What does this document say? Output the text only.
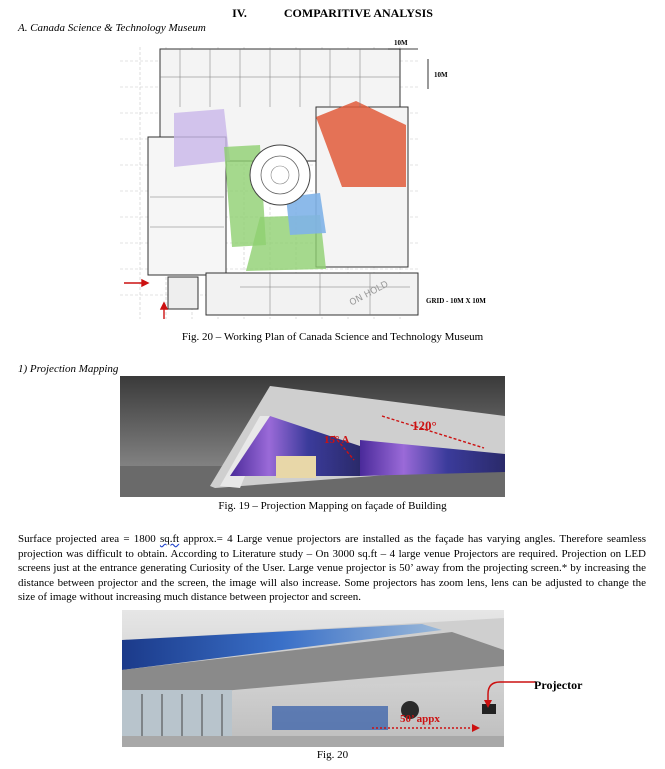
IV.	COMPARITIVE ANALYSIS
A. Canada Science & Technology Museum
10M
10M
GRID - 10M X 10M
ON HOLD
Fig. 20 – Working Plan of Canada Science and Technology Museum
1) Projection Mapping
120°
15° A
Fig. 19 – Projection Mapping on façade of Building
Surface projected area = 1800 sq.ft approx.= 4 Large venue projectors are installed as the façade has varying angles. Therefore seamless projection was difficult to obtain. According to Literature study – On 3000 sq.ft – 4 large venue Projectors are required. Projection on LED screens just at the entrance generating Curiosity of the User. Large venue projector is 50’ away from the projecting screen.* by increasing the distance between projector and the screen, the image will also increase. Some projectors has zoom lens, lens can be adjusted to change the size of image without increasing much distance between projector and screen.
Projector
50’ appx
Fig. 20
